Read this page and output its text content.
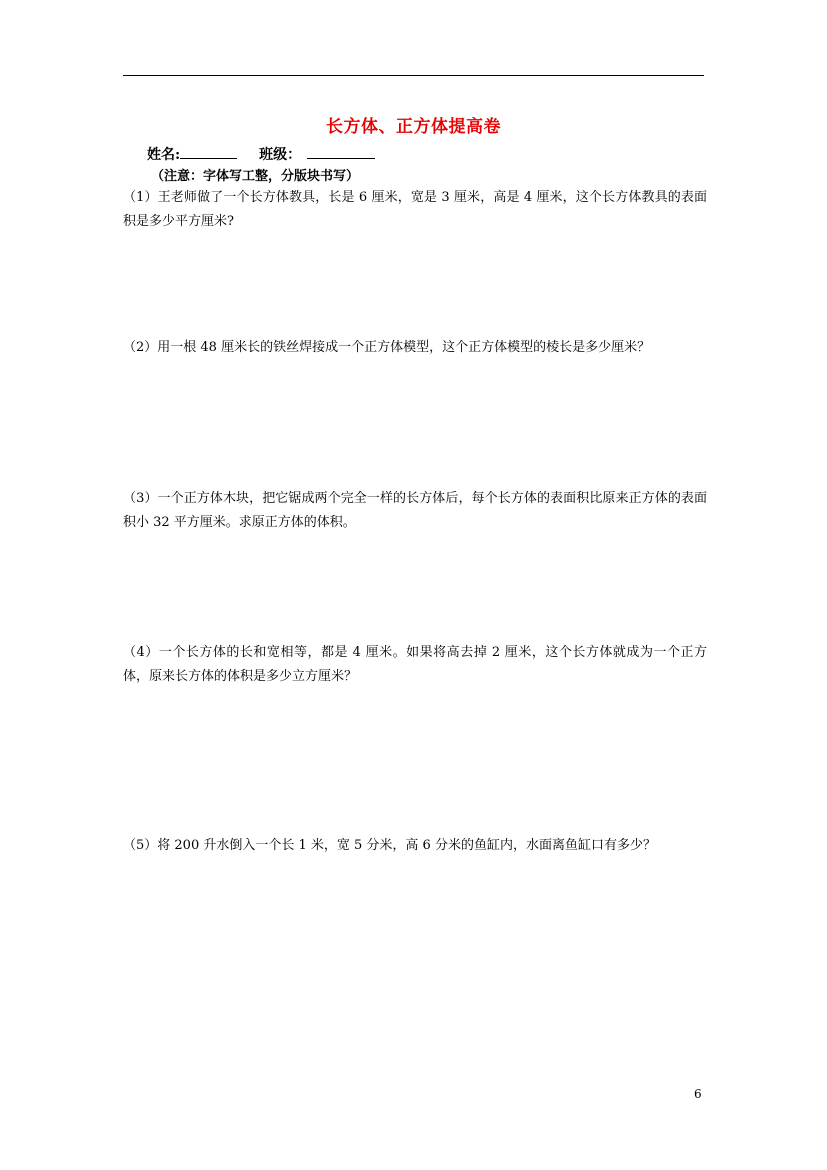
长方体、正方体提高卷
姓名:	班级：
（注意：字体写工整，分版块书写）
（1）王老师做了一个长方体教具，长是 6 厘米，宽是 3 厘米，高是 4 厘米，这个长方体教具的表面积是多少平方厘米?
（2）用一根 48 厘米长的铁丝焊接成一个正方体模型，这个正方体模型的棱长是多少厘米？
（3）一个正方体木块，把它锯成两个完全一样的长方体后，每个长方体的表面积比原来正方体的表面积小 32 平方厘米。求原正方体的体积。
（4）一个长方体的长和宽相等，都是 4 厘米。如果将高去掉 2 厘米，这个长方体就成为一个正方体，原来长方体的体积是多少立方厘米？
（5）将 200 升水倒入一个长 1 米，宽 5 分米，高 6 分米的鱼缸内，水面离鱼缸口有多少？
6
